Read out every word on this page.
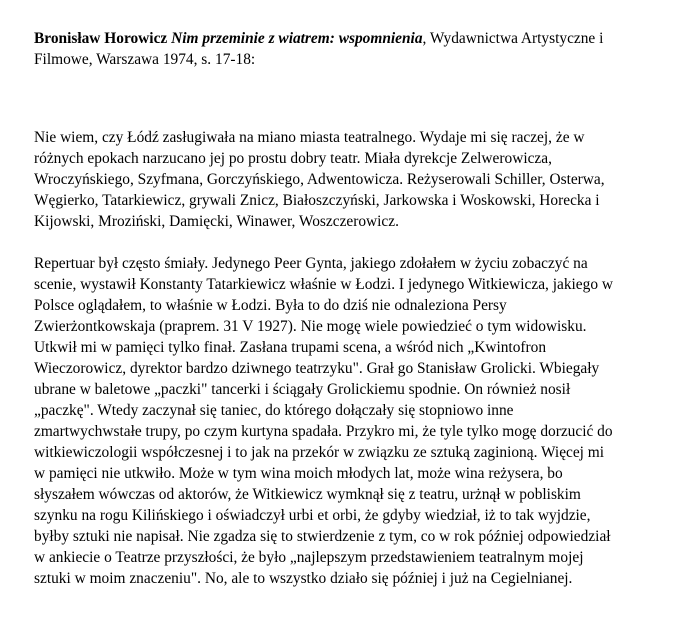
Bronisław Horowicz Nim przeminie z wiatrem: wspomnienia, Wydawnictwa Artystyczne i
Filmowe, Warszawa 1974, s. 17-18:

Nie wiem, czy Łódź zasługiwała na miano miasta teatralnego. Wydaje mi się raczej, że w
różnych epokach narzucano jej po prostu dobry teatr. Miała dyrekcje Zelwerowicza,
Wroczyńskiego, Szyfmana, Gorczyńskiego, Adwentowicza. Reżyserowali Schiller, Osterwa,
Węgierko, Tatarkiewicz, grywali Znicz, Białoszczyński, Jarkowska i Woskowski, Horecka i
Kijowski, Mroziński, Damięcki, Winawer, Woszczerowicz.
Repertuar był często śmiały. Jedynego Peer Gynta, jakiego zdołałem w życiu zobaczyć na
scenie, wystawił Konstanty Tatarkiewicz właśnie w Łodzi. I jedynego Witkiewicza, jakiego w
Polsce oglądałem, to właśnie w Łodzi. Była to do dziś nie odnaleziona Persy
Zwierżontkowskaja (praprem. 31 V 1927). Nie mogę wiele powiedzieć o tym widowisku.
Utkwił mi w pamięci tylko finał. Zasłana trupami scena, a wśród nich „Kwintofron
Wieczorowicz, dyrektor bardzo dziwnego teatrzyku". Grał go Stanisław Grolicki. Wbiegały
ubrane w baletowe „paczki" tancerki i ściągały Grolickiemu spodnie. On również nosił
„paczkę". Wtedy zaczynał się taniec, do którego dołączały się stopniowo inne
zmartwychwstałe trupy, po czym kurtyna spadała. Przykro mi, że tyle tylko mogę dorzucić do
witkiewiczologii współczesnej i to jak na przekór w związku ze sztuką zaginioną. Więcej mi
w pamięci nie utkwiło. Może w tym wina moich młodych lat, może wina reżysera, bo
słyszałem wówczas od aktorów, że Witkiewicz wymknął się z teatru, urżnął w pobliskim
szynku na rogu Kilińskiego i oświadczył urbi et orbi, że gdyby wiedział, iż to tak wyjdzie,
byłby sztuki nie napisał. Nie zgadza się to stwierdzenie z tym, co w rok później odpowiedział
w ankiecie o Teatrze przyszłości, że było „najlepszym przedstawieniem teatralnym mojej
sztuki w moim znaczeniu". No, ale to wszystko działo się później i już na Cegielnianej.
